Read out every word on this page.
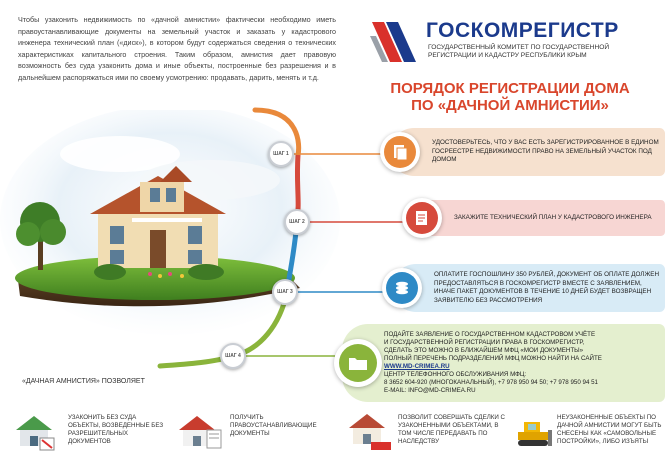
Чтобы узаконить недвижимость по «дачной амнистии» фактически необходимо иметь правоустанавливающие документы на земельный участок и заказать у кадастрового инженера технический план («диск»), в котором будут содержаться сведения о технических характеристиках капитального строения. Таким образом, амнистия дает правовую возможность без суда узаконить дома и иные объекты, построенные без разрешения и в дальнейшем распоряжаться ими по своему усмотрению: продавать, дарить, менять и т.д.

ГОСКОМРЕГИСТР
ГОСУДАРСТВЕННЫЙ КОМИТЕТ ПО ГОСУДАРСТВЕННОЙ
РЕГИСТРАЦИИ И КАДАСТРУ РЕСПУБЛИКИ КРЫМ
ПОРЯДОК РЕГИСТРАЦИИ ДОМА
ПО «ДАЧНОЙ АМНИСТИИ»
ШАГ 1
ШАГ 2
ШАГ 3
ШАГ 4
УДОСТОВЕРЬТЕСЬ, ЧТО У ВАС ЕСТЬ ЗАРЕГИСТРИРОВАННОЕ В ЕДИНОМ ГОСРЕЕСТРЕ НЕДВИЖИМОСТИ ПРАВО НА ЗЕМЕЛЬНЫЙ УЧАСТОК ПОД ДОМОМ
ЗАКАЖИТЕ ТЕХНИЧЕСКИЙ ПЛАН У КАДАСТРОВОГО ИНЖЕНЕРА
ОПЛАТИТЕ ГОСПОШЛИНУ 350 РУБЛЕЙ, ДОКУМЕНТ ОБ ОПЛАТЕ ДОЛЖЕН ПРЕДОСТАВЛЯТЬСЯ В ГОСКОМРЕГИСТР ВМЕСТЕ С ЗАЯВЛЕНИЕМ, ИНАЧЕ ПАКЕТ ДОКУМЕНТОВ В ТЕЧЕНИЕ 10 ДНЕЙ БУДЕТ ВОЗВРАЩЕН ЗАЯВИТЕЛЮ БЕЗ РАССМОТРЕНИЯ
ПОДАЙТЕ ЗАЯВЛЕНИЕ О ГОСУДАРСТВЕННОМ КАДАСТРОВОМ УЧЁТЕ
И ГОСУДАРСТВЕННОЙ РЕГИСТРАЦИИ ПРАВА В ГОСКОМРЕГИСТР,
СДЕЛАТЬ ЭТО МОЖНО В БЛИЖАЙШЕМ МФЦ «МОИ ДОКУМЕНТЫ»
ПОЛНЫЙ ПЕРЕЧЕНЬ ПОДРАЗДЕЛЕНИЙ МФЦ МОЖНО НАЙТИ НА САЙТЕ
WWW.MD-CRIMEA.RU
ЦЕНТР ТЕЛЕФОННОГО ОБСЛУЖИВАНИЯ МФЦ:
8 3652 604-920 (МНОГОКАНАЛЬНЫЙ), +7 978 950 94 50; +7 978 950 94 51
E-MAIL: INFO@MD-CRIMEA.RU
«ДАЧНАЯ АМНИСТИЯ» ПОЗВОЛЯЕТ
УЗАКОНИТЬ БЕЗ СУДА ОБЪЕКТЫ, ВОЗВЕДЕННЫЕ БЕЗ РАЗРЕШИТЕЛЬНЫХ ДОКУМЕНТОВ
ПОЛУЧИТЬ ПРАВОУСТАНАВЛИВАЮЩИЕ ДОКУМЕНТЫ
ПОЗВОЛИТ СОВЕРШАТЬ СДЕЛКИ С УЗАКОНЕННЫМИ ОБЪЕКТАМИ, В ТОМ ЧИСЛЕ ПЕРЕДАВАТЬ ПО НАСЛЕДСТВУ
НЕУЗАКОНЕННЫЕ ОБЪЕКТЫ ПО ДАЧНОЙ АМНИСТИИ МОГУТ БЫТЬ СНЕСЕНЫ КАК «САМОВОЛЬНЫЕ ПОСТРОЙКИ», ЛИБО ИЗЪЯТЫ
